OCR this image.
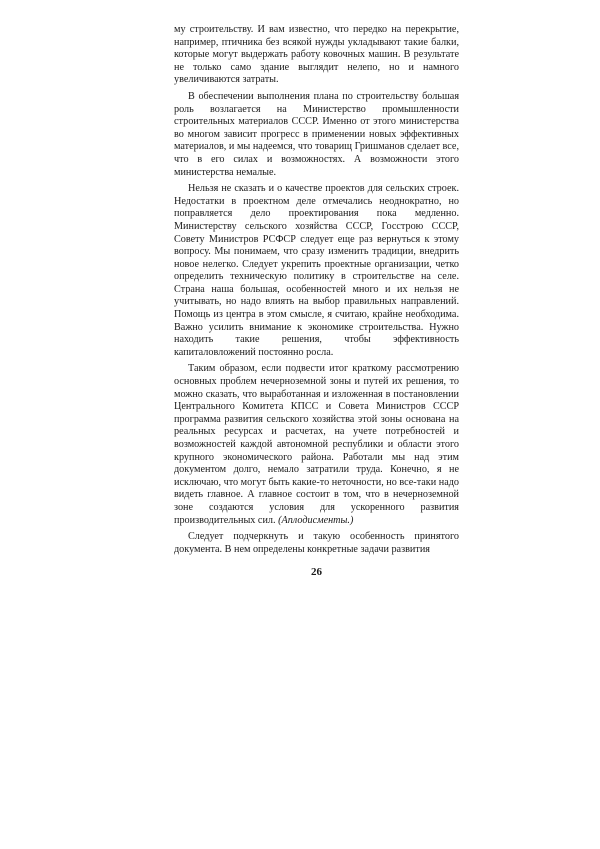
му строительству. И вам известно, что передко на перекрытие, например, птичника без всякой нужды укладывают такие балки, которые могут выдержать работу ковочных машин. В результате не только само здание выглядит нелепо, но и намного увеличиваются затраты.

В обеспечении выполнения плана по строительству большая роль возлагается на Министерство промышленности строительных материалов СССР. Именно от этого министерства во многом зависит прогресс в применении новых эффективных материалов, и мы надеемся, что товарищ Гришманов сделает все, что в его силах и возможностях. А возможности этого министерства немалые.

Нельзя не сказать и о качестве проектов для сельских строек. Недостатки в проектном деле отмечались неоднократно, но поправляется дело проектирования пока медленно. Министерству сельского хозяйства СССР, Госстрою СССР, Совету Министров РСФСР следует еще раз вернуться к этому вопросу. Мы понимаем, что сразу изменить традиции, внедрить новое нелегко. Следует укрепить проектные организации, четко определить техническую политику в строительстве на селе. Страна наша большая, особенностей много и их нельзя не учитывать, но надо влиять на выбор правильных направлений. Помощь из центра в этом смысле, я считаю, крайне необходима. Важно усилить внимание к экономике строительства. Нужно находить такие решения, чтобы эффективность капиталовложений постоянно росла.

Таким образом, если подвести итог краткому рассмотрению основных проблем нечерноземной зоны и путей их решения, то можно сказать, что выработанная и изложенная в постановлении Центрального Комитета КПСС и Совета Министров СССР программа развития сельского хозяйства этой зоны основана на реальных ресурсах и расчетах, на учете потребностей и возможностей каждой автономной республики и области этого крупного экономического района. Работали мы над этим документом долго, немало затратили труда. Конечно, я не исключаю, что могут быть какие-то неточности, но все-таки надо видеть главное. А главное состоит в том, что в нечерноземной зоне создаются условия для ускоренного развития производительных сил. (Аплодисменты.)

Следует подчеркнуть и такую особенность принятого документа. В нем определены конкретные задачи развития

26
